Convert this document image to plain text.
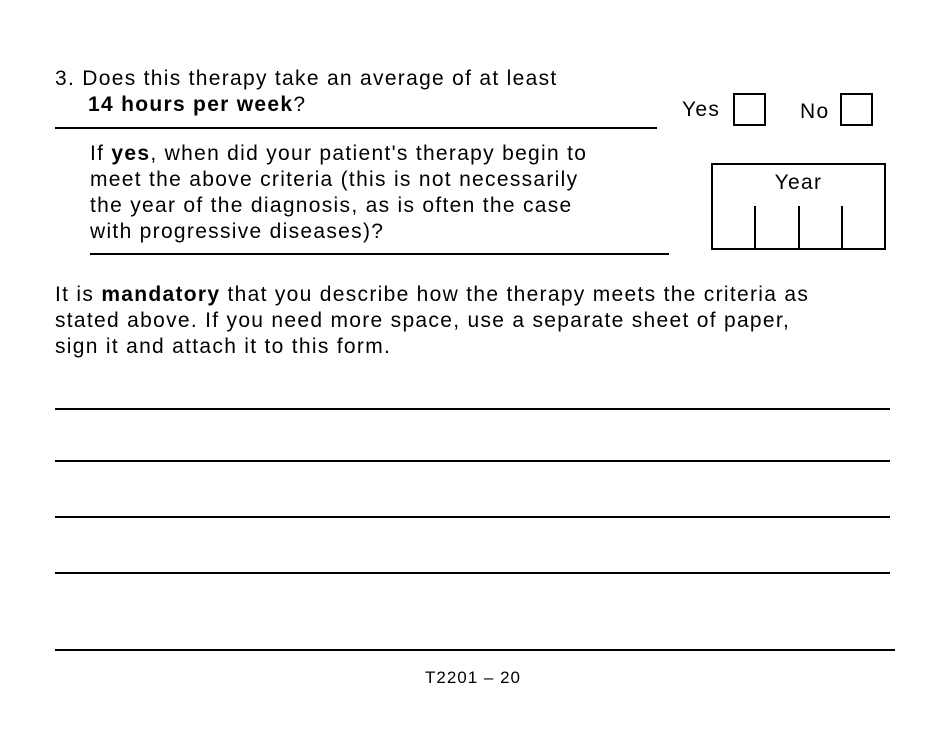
3. Does this therapy take an average of at least
14 hours per week?	Yes	No
If yes, when did your patient's therapy begin to
meet the above criteria (this is not necessarily
the year of the diagnosis, as is often the case
with progressive diseases)?
Year
It is mandatory that you describe how the therapy meets the criteria as
stated above. If you need more space, use a separate sheet of paper,
sign it and attach it to this form.
T2201 – 20
